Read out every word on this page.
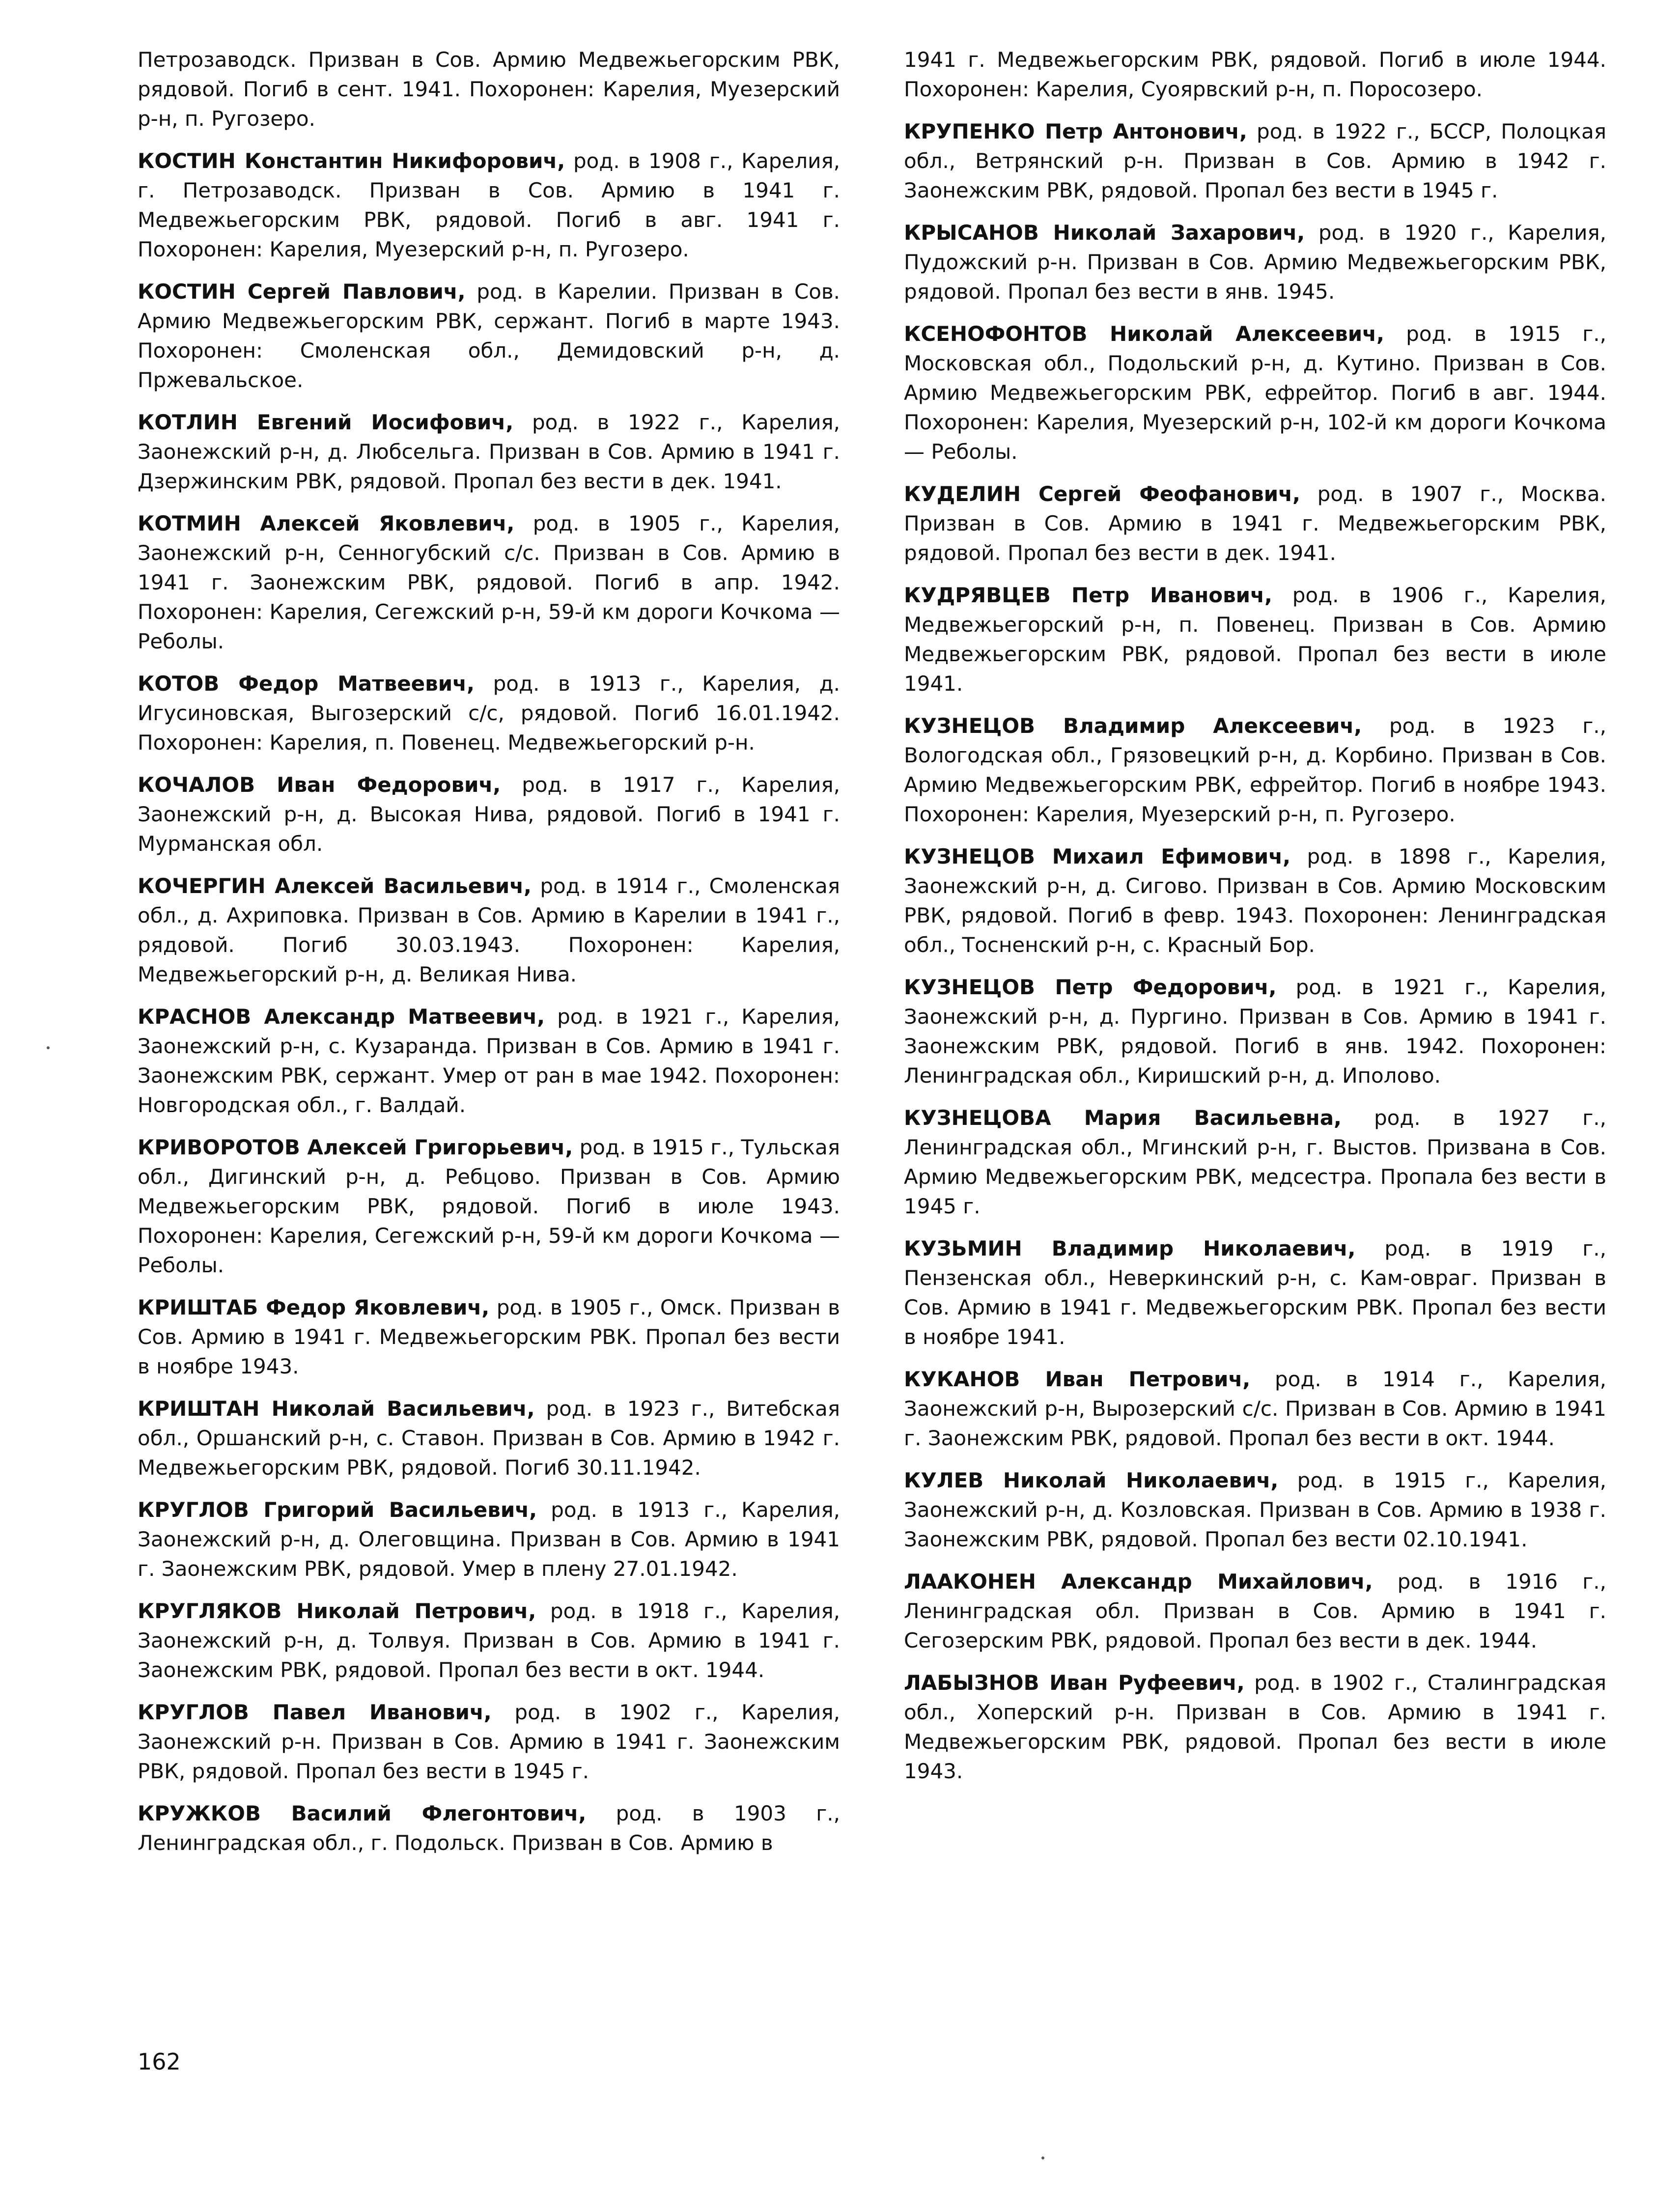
Петрозаводск. Призван в Сов. Армию Медвежьегорским РВК, рядовой. Погиб в сент. 1941. Похоронен: Карелия, Муезерский р-н, п. Ругозеро.

КОСТИН Константин Никифорович, род. в 1908 г., Карелия, г. Петрозаводск. Призван в Сов. Армию в 1941 г. Медвежьегорским РВК, рядовой. Погиб в авг. 1941 г. Похоронен: Карелия, Муезерский р-н, п. Ругозеро.

КОСТИН Сергей Павлович, род. в Карелии. Призван в Сов. Армию Медвежьегорским РВК, сержант. Погиб в марте 1943. Похоронен: Смоленская обл., Демидовский р-н, д. Пржевальское.

КОТЛИН Евгений Иосифович, род. в 1922 г., Карелия, Заонежский р-н, д. Любсельга. Призван в Сов. Армию в 1941 г. Дзержинским РВК, рядовой. Пропал без вести в дек. 1941.

КОТМИН Алексей Яковлевич, род. в 1905 г., Карелия, Заонежский р-н, Сенногубский с/с. Призван в Сов. Армию в 1941 г. Заонежским РВК, рядовой. Погиб в апр. 1942. Похоронен: Карелия, Сегежский р-н, 59-й км дороги Кочкома — Реболы.

КОТОВ Федор Матвеевич, род. в 1913 г., Карелия, д. Игусиновская, Выгозерский с/с, рядовой. Погиб 16.01.1942. Похоронен: Карелия, п. Повенец. Медвежьегорский р-н.

КОЧАЛОВ Иван Федорович, род. в 1917 г., Карелия, Заонежский р-н, д. Высокая Нива, рядовой. Погиб в 1941 г. Мурманская обл.

КОЧЕРГИН Алексей Васильевич, род. в 1914 г., Смоленская обл., д. Ахриповка. Призван в Сов. Армию в Карелии в 1941 г., рядовой. Погиб 30.03.1943. Похоронен: Карелия, Медвежьегорский р-н, д. Великая Нива.

КРАСНОВ Александр Матвеевич, род. в 1921 г., Карелия, Заонежский р-н, с. Кузаранда. Призван в Сов. Армию в 1941 г. Заонежским РВК, сержант. Умер от ран в мае 1942. Похоронен: Новгородская обл., г. Валдай.

КРИВОРОТОВ Алексей Григорьевич, род. в 1915 г., Тульская обл., Дигинский р-н, д. Ребцово. Призван в Сов. Армию Медвежьегорским РВК, рядовой. Погиб в июле 1943. Похоронен: Карелия, Сегежский р-н, 59-й км дороги Кочкома — Реболы.

КРИШТАБ Федор Яковлевич, род. в 1905 г., Омск. Призван в Сов. Армию в 1941 г. Медвежьегорским РВК. Пропал без вести в ноябре 1943.

КРИШТАН Николай Васильевич, род. в 1923 г., Витебская обл., Оршанский р-н, с. Ставон. Призван в Сов. Армию в 1942 г. Медвежьегорским РВК, рядовой. Погиб 30.11.1942.

КРУГЛОВ Григорий Васильевич, род. в 1913 г., Карелия, Заонежский р-н, д. Олеговщина. Призван в Сов. Армию в 1941 г. Заонежским РВК, рядовой. Умер в плену 27.01.1942.

КРУГЛЯКОВ Николай Петрович, род. в 1918 г., Карелия, Заонежский р-н, д. Толвуя. Призван в Сов. Армию в 1941 г. Заонежским РВК, рядовой. Пропал без вести в окт. 1944.

КРУГЛОВ Павел Иванович, род. в 1902 г., Карелия, Заонежский р-н. Призван в Сов. Армию в 1941 г. Заонежским РВК, рядовой. Пропал без вести в 1945 г.

КРУЖКОВ Василий Флегонтович, род. в 1903 г., Ленинградская обл., г. Подольск. Призван в Сов. Армию в

1941 г. Медвежьегорским РВК, рядовой. Погиб в июле 1944. Похоронен: Карелия, Суоярвский р-н, п. Поросозеро.

КРУПЕНКО Петр Антонович, род. в 1922 г., БССР, Полоцкая обл., Ветрянский р-н. Призван в Сов. Армию в 1942 г. Заонежским РВК, рядовой. Пропал без вести в 1945 г.

КРЫСАНОВ Николай Захарович, род. в 1920 г., Карелия, Пудожский р-н. Призван в Сов. Армию Медвежьегорским РВК, рядовой. Пропал без вести в янв. 1945.

КСЕНОФОНТОВ Николай Алексеевич, род. в 1915 г., Московская обл., Подольский р-н, д. Кутино. Призван в Сов. Армию Медвежьегорским РВК, ефрейтор. Погиб в авг. 1944. Похоронен: Карелия, Муезерский р-н, 102-й км дороги Кочкома — Реболы.

КУДЕЛИН Сергей Феофанович, род. в 1907 г., Москва. Призван в Сов. Армию в 1941 г. Медвежьегорским РВК, рядовой. Пропал без вести в дек. 1941.

КУДРЯВЦЕВ Петр Иванович, род. в 1906 г., Карелия, Медвежьегорский р-н, п. Повенец. Призван в Сов. Армию Медвежьегорским РВК, рядовой. Пропал без вести в июле 1941.

КУЗНЕЦОВ Владимир Алексеевич, род. в 1923 г., Вологодская обл., Грязовецкий р-н, д. Корбино. Призван в Сов. Армию Медвежьегорским РВК, ефрейтор. Погиб в ноябре 1943. Похоронен: Карелия, Муезерский р-н, п. Ругозеро.

КУЗНЕЦОВ Михаил Ефимович, род. в 1898 г., Карелия, Заонежский р-н, д. Сигово. Призван в Сов. Армию Московским РВК, рядовой. Погиб в февр. 1943. Похоронен: Ленинградская обл., Тосненский р-н, с. Красный Бор.

КУЗНЕЦОВ Петр Федорович, род. в 1921 г., Карелия, Заонежский р-н, д. Пургино. Призван в Сов. Армию в 1941 г. Заонежским РВК, рядовой. Погиб в янв. 1942. Похоронен: Ленинградская обл., Киришский р-н, д. Иполово.

КУЗНЕЦОВА Мария Васильевна, род. в 1927 г., Ленинградская обл., Мгинский р-н, г. Выстов. Призвана в Сов. Армию Медвежьегорским РВК, медсестра. Пропала без вести в 1945 г.

КУЗЬМИН Владимир Николаевич, род. в 1919 г., Пензенская обл., Неверкинский р-н, с. Кам-овраг. Призван в Сов. Армию в 1941 г. Медвежьегорским РВК. Пропал без вести в ноябре 1941.

КУКАНОВ Иван Петрович, род. в 1914 г., Карелия, Заонежский р-н, Вырозерский с/с. Призван в Сов. Армию в 1941 г. Заонежским РВК, рядовой. Пропал без вести в окт. 1944.

КУЛЕВ Николай Николаевич, род. в 1915 г., Карелия, Заонежский р-н, д. Козловская. Призван в Сов. Армию в 1938 г. Заонежским РВК, рядовой. Пропал без вести 02.10.1941.

ЛААКОНЕН Александр Михайлович, род. в 1916 г., Ленинградская обл. Призван в Сов. Армию в 1941 г. Сегозерским РВК, рядовой. Пропал без вести в дек. 1944.

ЛАБЫЗНОВ Иван Руфеевич, род. в 1902 г., Сталинградская обл., Хоперский р-н. Призван в Сов. Армию в 1941 г. Медвежьегорским РВК, рядовой. Пропал без вести в июле 1943.

162
